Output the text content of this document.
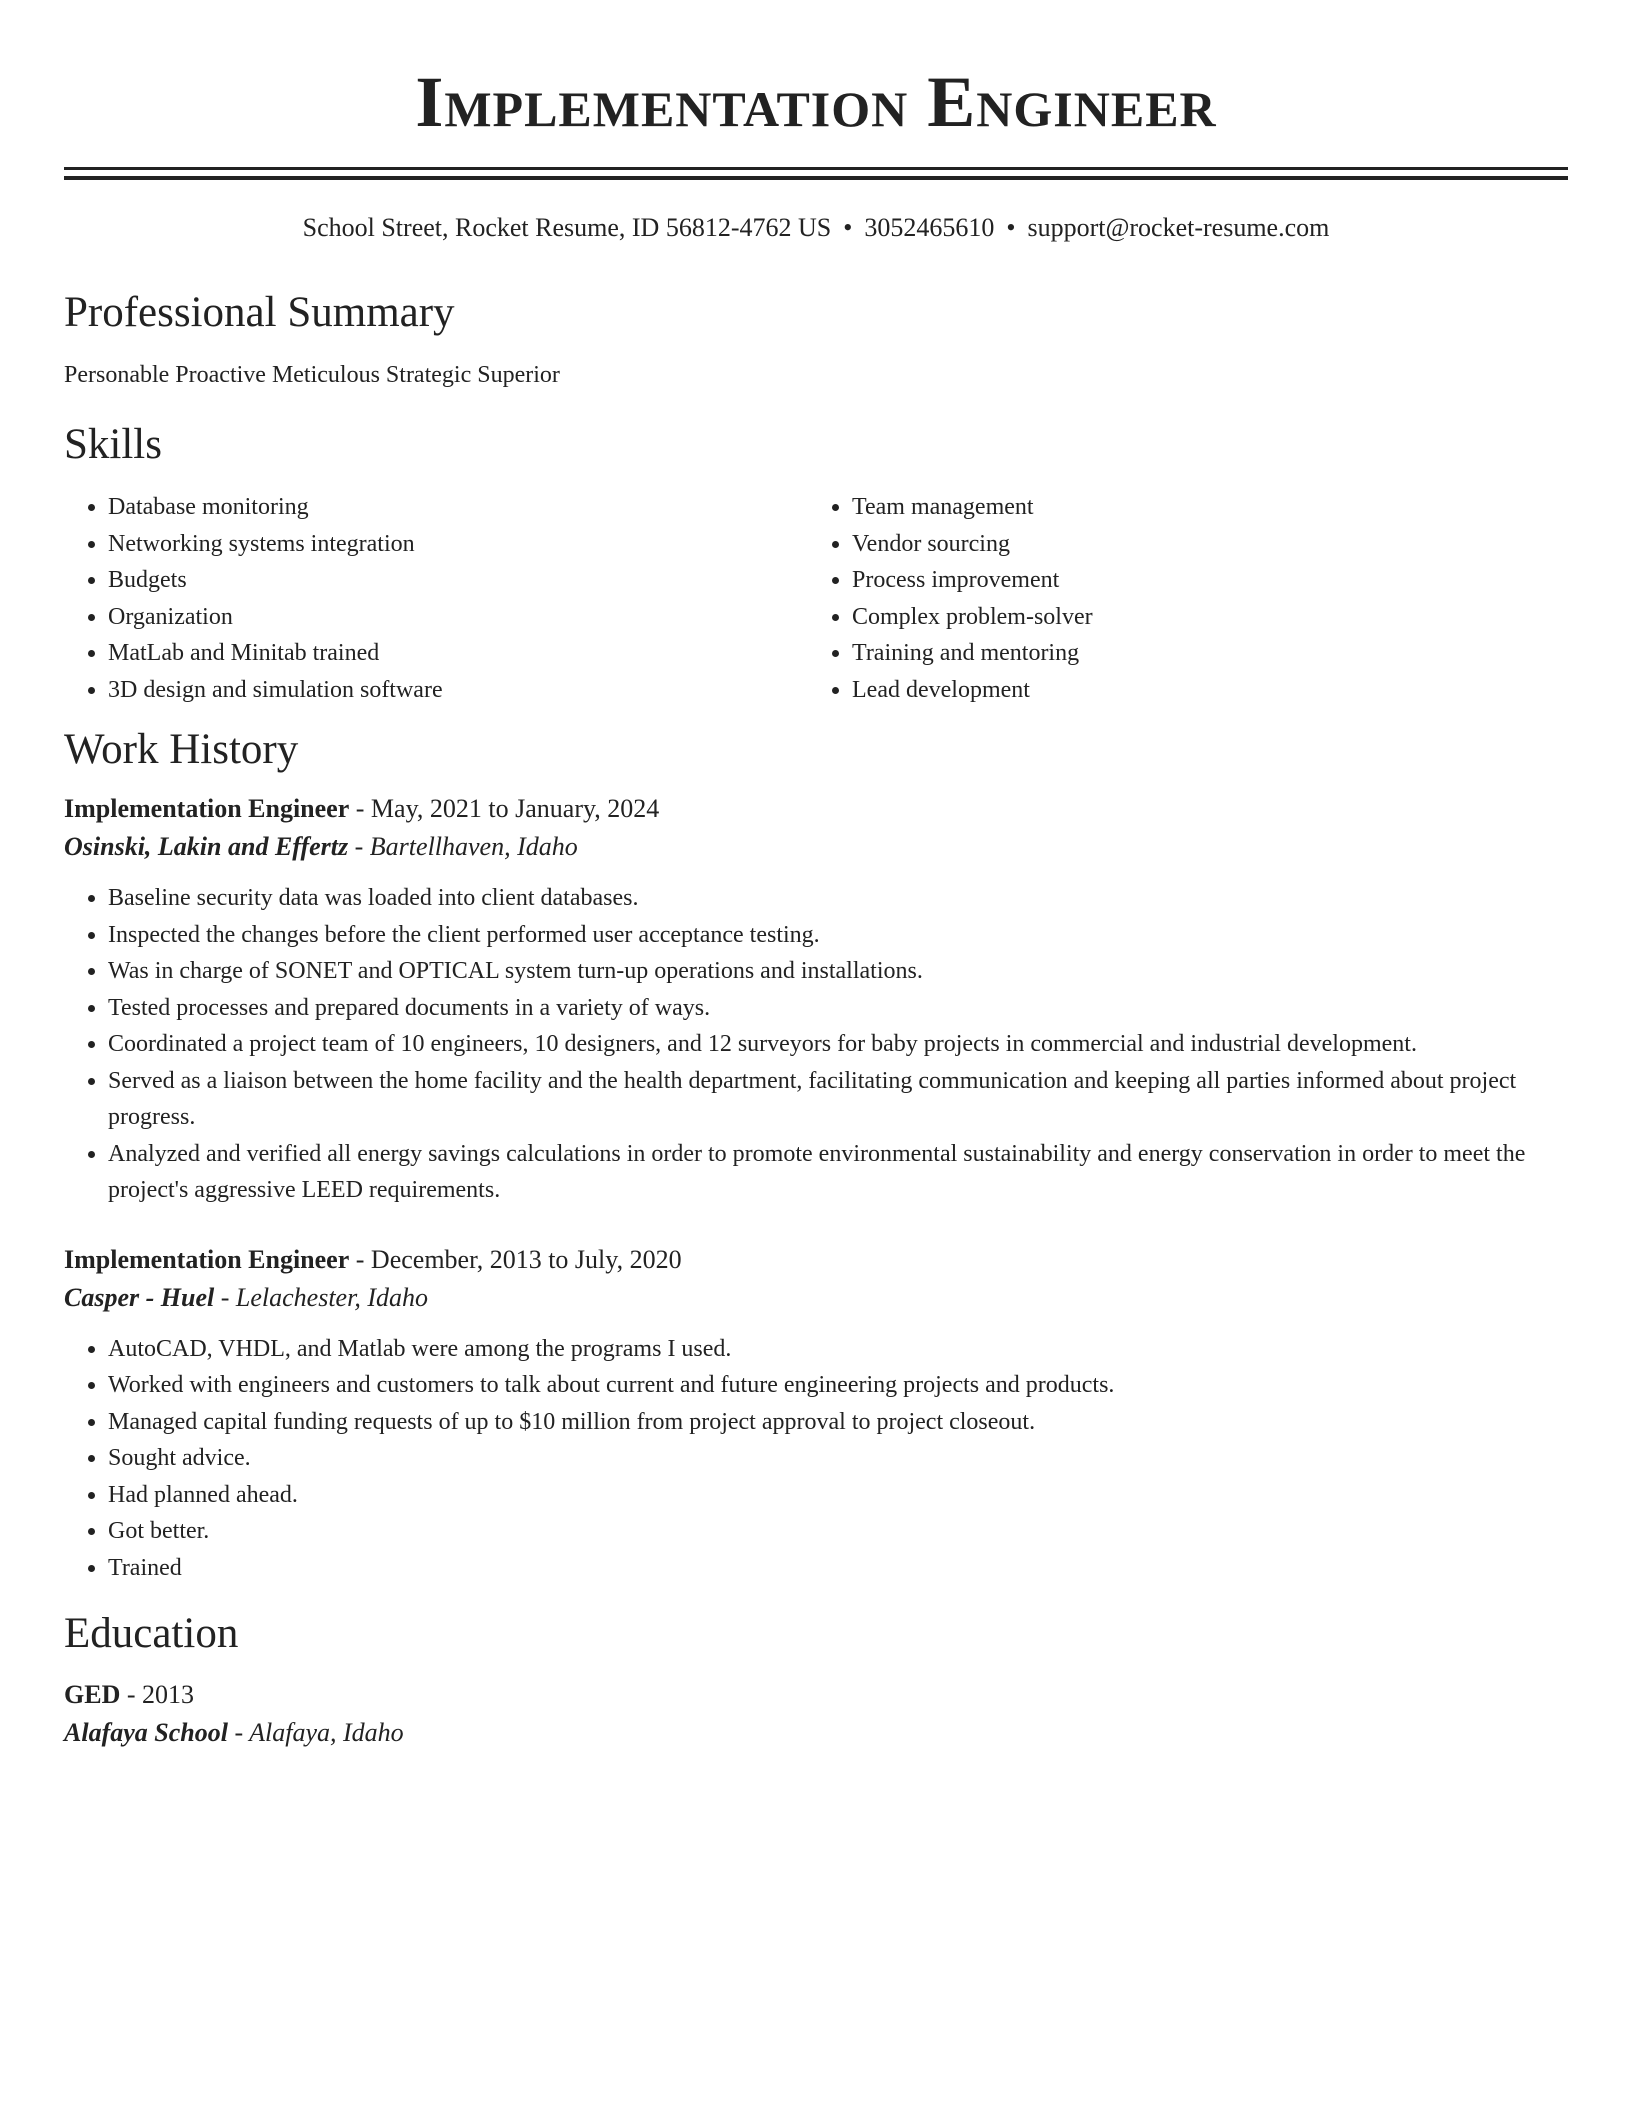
Implementation Engineer
School Street, Rocket Resume, ID 56812-4762 US • 3052465610 • support@rocket-resume.com
Professional Summary
Personable Proactive Meticulous Strategic Superior
Skills
• Database monitoring
• Networking systems integration
• Budgets
• Organization
• MatLab and Minitab trained
• 3D design and simulation software
• Team management
• Vendor sourcing
• Process improvement
• Complex problem-solver
• Training and mentoring
• Lead development
Work History
Implementation Engineer - May, 2021 to January, 2024
Osinski, Lakin and Effertz - Bartellhaven, Idaho
• Baseline security data was loaded into client databases.
• Inspected the changes before the client performed user acceptance testing.
• Was in charge of SONET and OPTICAL system turn-up operations and installations.
• Tested processes and prepared documents in a variety of ways.
• Coordinated a project team of 10 engineers, 10 designers, and 12 surveyors for baby projects in commercial and industrial development.
• Served as a liaison between the home facility and the health department, facilitating communication and keeping all parties informed about project progress.
• Analyzed and verified all energy savings calculations in order to promote environmental sustainability and energy conservation in order to meet the project's aggressive LEED requirements.
Implementation Engineer - December, 2013 to July, 2020
Casper - Huel - Lelachester, Idaho
• AutoCAD, VHDL, and Matlab were among the programs I used.
• Worked with engineers and customers to talk about current and future engineering projects and products.
• Managed capital funding requests of up to $10 million from project approval to project closeout.
• Sought advice.
• Had planned ahead.
• Got better.
• Trained
Education
GED - 2013
Alafaya School - Alafaya, Idaho
